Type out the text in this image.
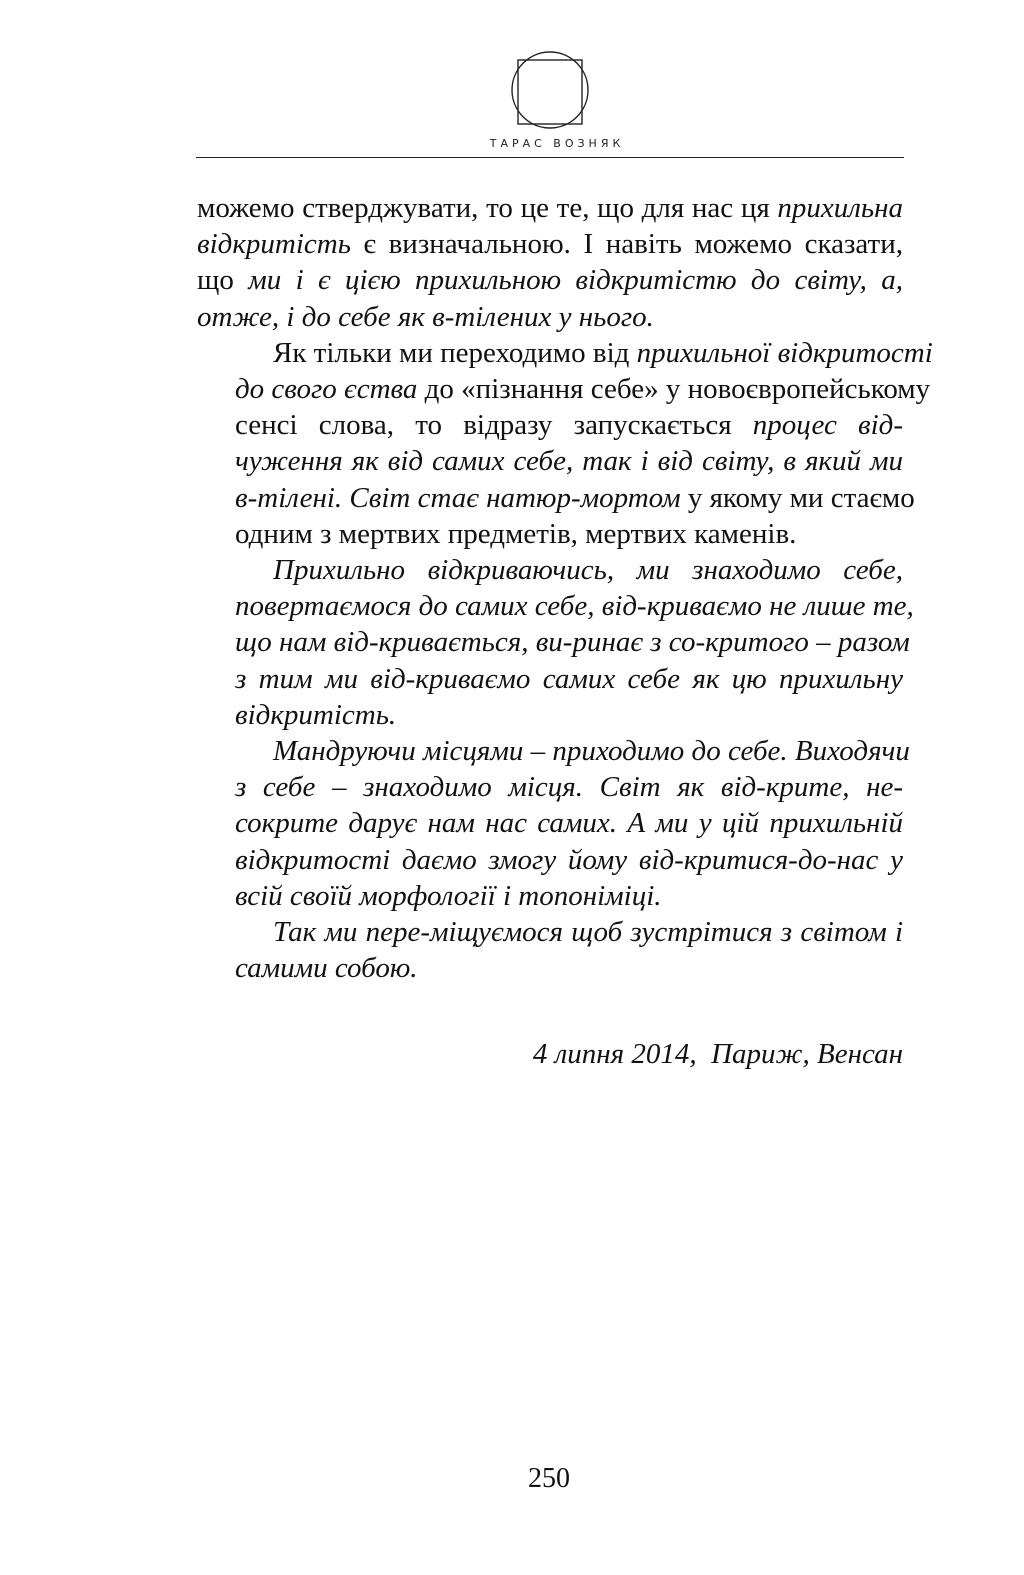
ТАРАС ВОЗНЯК
можемо стверджувати, то це те, що для нас ця прихильна
відкритість є визначальною. І навіть можемо сказати,
що ми і є цією прихильною відкритістю до світу, а,
отже, і до себе як в-тілених у нього.
Як тільки ми переходимо від прихильної відкритості
до свого єства до «пізнання себе» у новоєвропейському
сенсі слова, то відразу запускається процес від-
чуження як від самих себе, так і від світу, в який ми
в-тілені. Світ стає натюр-мортом у якому ми стаємо
одним з мертвих предметів, мертвих каменів.
Прихильно відкриваючись, ми знаходимо себе,
повертаємося до самих себе, від-криваємо не лише те,
що нам від-кривається, ви-ринає з со-критого – разом
з тим ми від-криваємо самих себе як цю прихильну
відкритість.
Мандруючи місцями – приходимо до себе. Виходячи
з себе – знаходимо місця. Світ як від-крите, не-
сокрите дарує нам нас самих. А ми у цій прихильній
відкритості даємо змогу йому від-критися-до-нас у
всій своїй морфології і топоніміці.
Так ми пере-міщуємося щоб зустрітися з світом і
самими собою.
4 липня 2014,  Париж, Венсан
250
